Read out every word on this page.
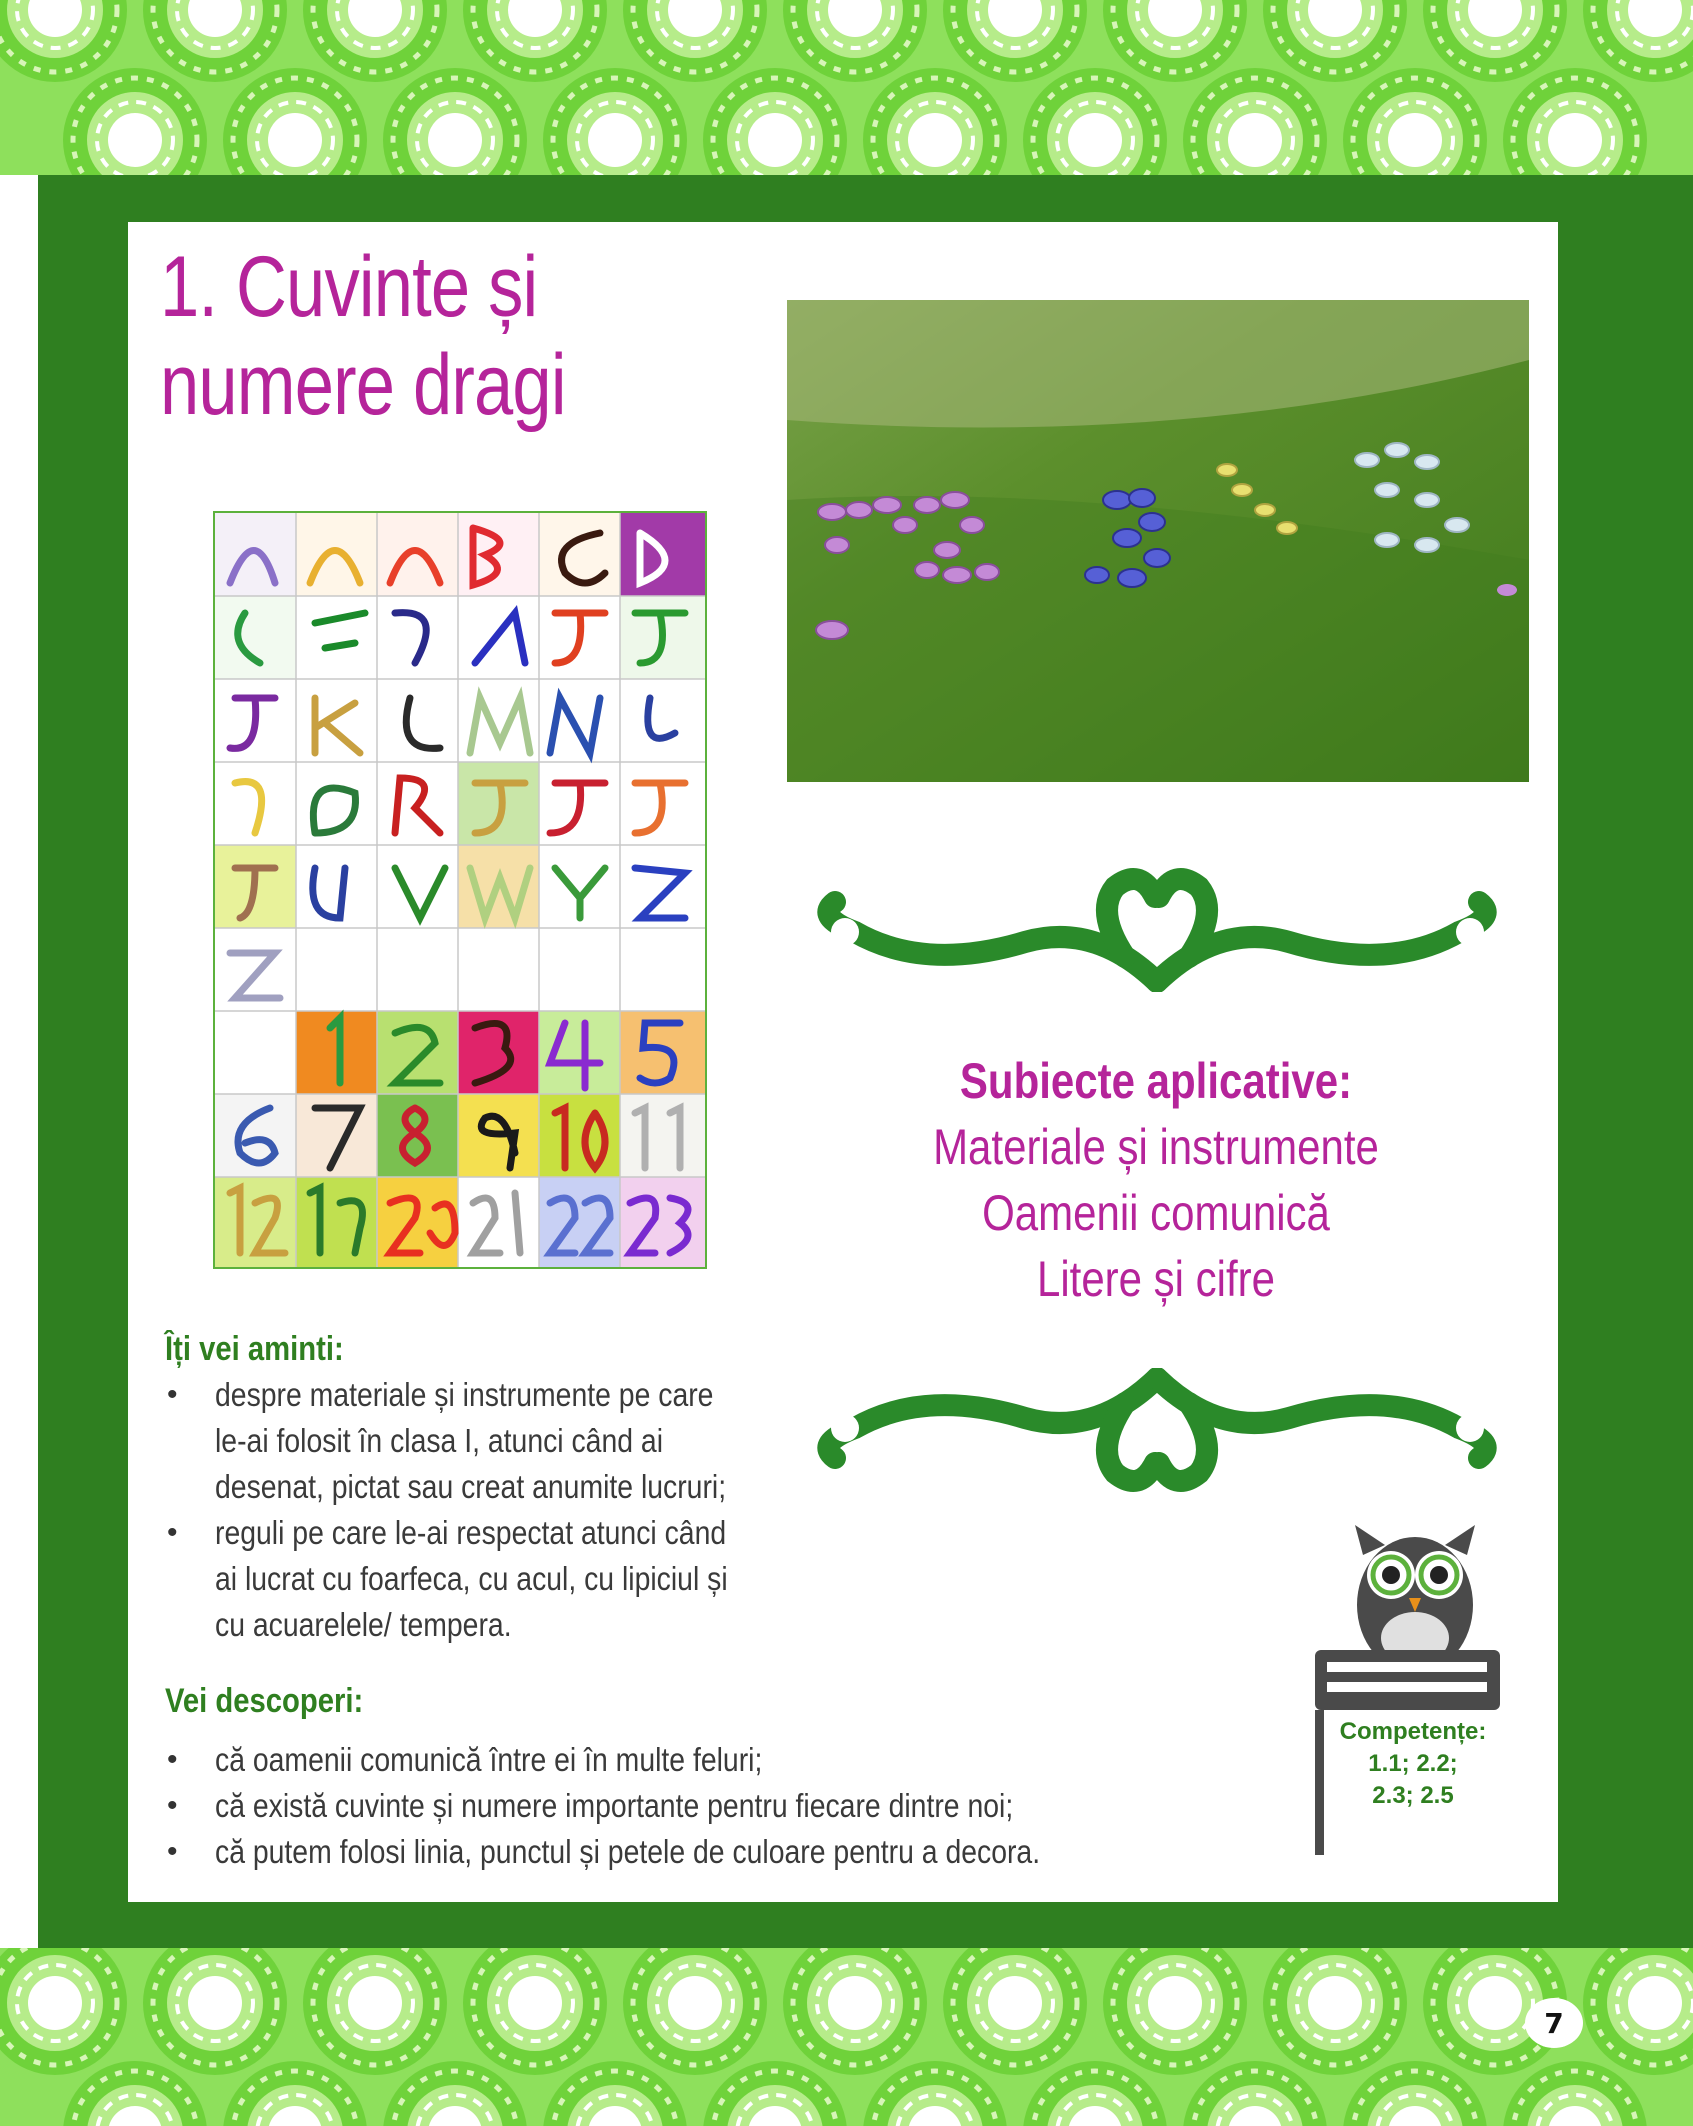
1. Cuvinte și
numere dragi
Subiecte aplicative:
Materiale și instrumente
Oamenii comunică
Litere și cifre
Îți vei aminti:
• despre materiale și instrumente pe care le-ai folosit în clasa I, atunci când ai desenat, pictat sau creat anumite lucruri;
• reguli pe care le-ai respectat atunci când ai lucrat cu foarfeca, cu acul, cu lipiciul și cu acuarelele/ tempera.
Vei descoperi:
• că oamenii comunică între ei în multe feluri;
• că există cuvinte și numere importante pentru fiecare dintre noi;
• că putem folosi linia, punctul și petele de culoare pentru a decora.
Competențe:
1.1; 2.2;
2.3; 2.5
7
